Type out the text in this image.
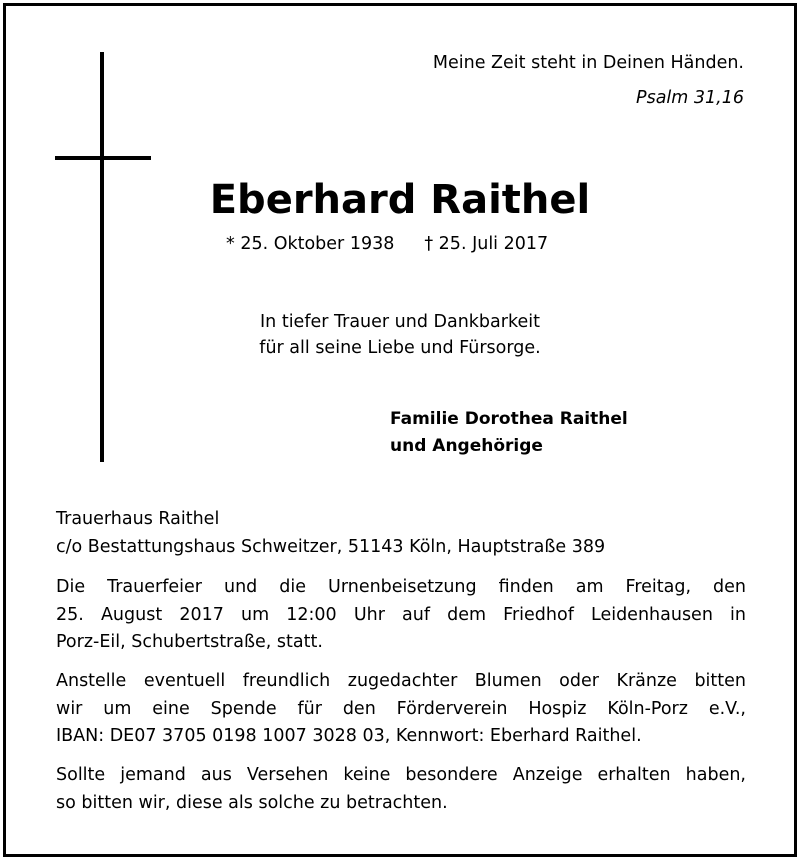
Meine Zeit steht in Deinen Händen.
Psalm 31,16
Eberhard Raithel
* 25. Oktober 1938 † 25. Juli 2017
In tiefer Trauer und Dankbarkeit
für all seine Liebe und Fürsorge.
Familie Dorothea Raithel
und Angehörige
Trauerhaus Raithel
c/o Bestattungshaus Schweitzer, 51143 Köln, Hauptstraße 389
Die Trauerfeier und die Urnenbeisetzung finden am Freitag, den
25. August 2017 um 12:00 Uhr auf dem Friedhof Leidenhausen in
Porz-Eil, Schubertstraße, statt.
Anstelle eventuell freundlich zugedachter Blumen oder Kränze bitten
wir um eine Spende für den Förderverein Hospiz Köln-Porz e.V.,
IBAN: DE07 3705 0198 1007 3028 03, Kennwort: Eberhard Raithel.
Sollte jemand aus Versehen keine besondere Anzeige erhalten haben,
so bitten wir, diese als solche zu betrachten.
